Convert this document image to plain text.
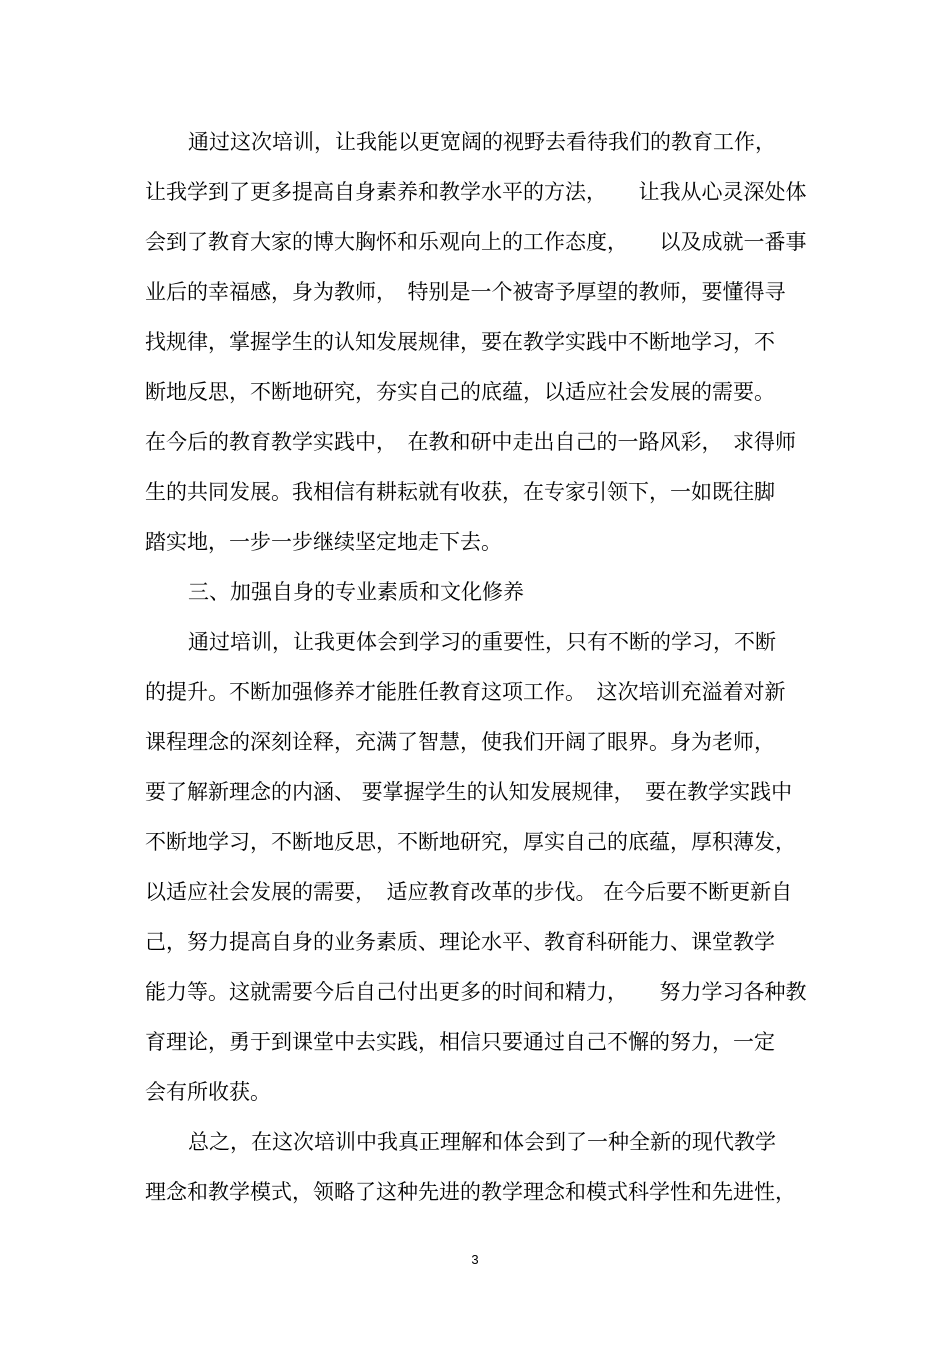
通过这次培训，让我能以更宽阔的视野去看待我们的教育工作，

让我学到了更多提高自身素养和教学水平的方法，　　让我从心灵深处体

会到了教育大家的博大胸怀和乐观向上的工作态度，　　以及成就一番事

业后的幸福感，身为教师，　特别是一个被寄予厚望的教师，要懂得寻

找规律，掌握学生的认知发展规律，要在教学实践中不断地学习，不

断地反思，不断地研究，夯实自己的底蕴，以适应社会发展的需要。

在今后的教育教学实践中，　在教和研中走出自己的一路风彩，　求得师

生的共同发展。我相信有耕耘就有收获，在专家引领下，一如既往脚

踏实地，一步一步继续坚定地走下去。

三、加强自身的专业素质和文化修养

通过培训，让我更体会到学习的重要性，只有不断的学习，不断

的提升。不断加强修养才能胜任教育这项工作。　这次培训充溢着对新

课程理念的深刻诠释，充满了智慧，使我们开阔了眼界。身为老师，

要了解新理念的内涵、 要掌握学生的认知发展规律，　要在教学实践中

不断地学习，不断地反思，不断地研究，厚实自己的底蕴，厚积薄发，

以适应社会发展的需要，　适应教育改革的步伐。 在今后要不断更新自

己，努力提高自身的业务素质、理论水平、教育科研能力、课堂教学

能力等。这就需要今后自己付出更多的时间和精力，　　努力学习各种教

育理论，勇于到课堂中去实践，相信只要通过自己不懈的努力，一定

会有所收获。

总之，在这次培训中我真正理解和体会到了一种全新的现代教学

理念和教学模式，领略了这种先进的教学理念和模式科学性和先进性，

3
